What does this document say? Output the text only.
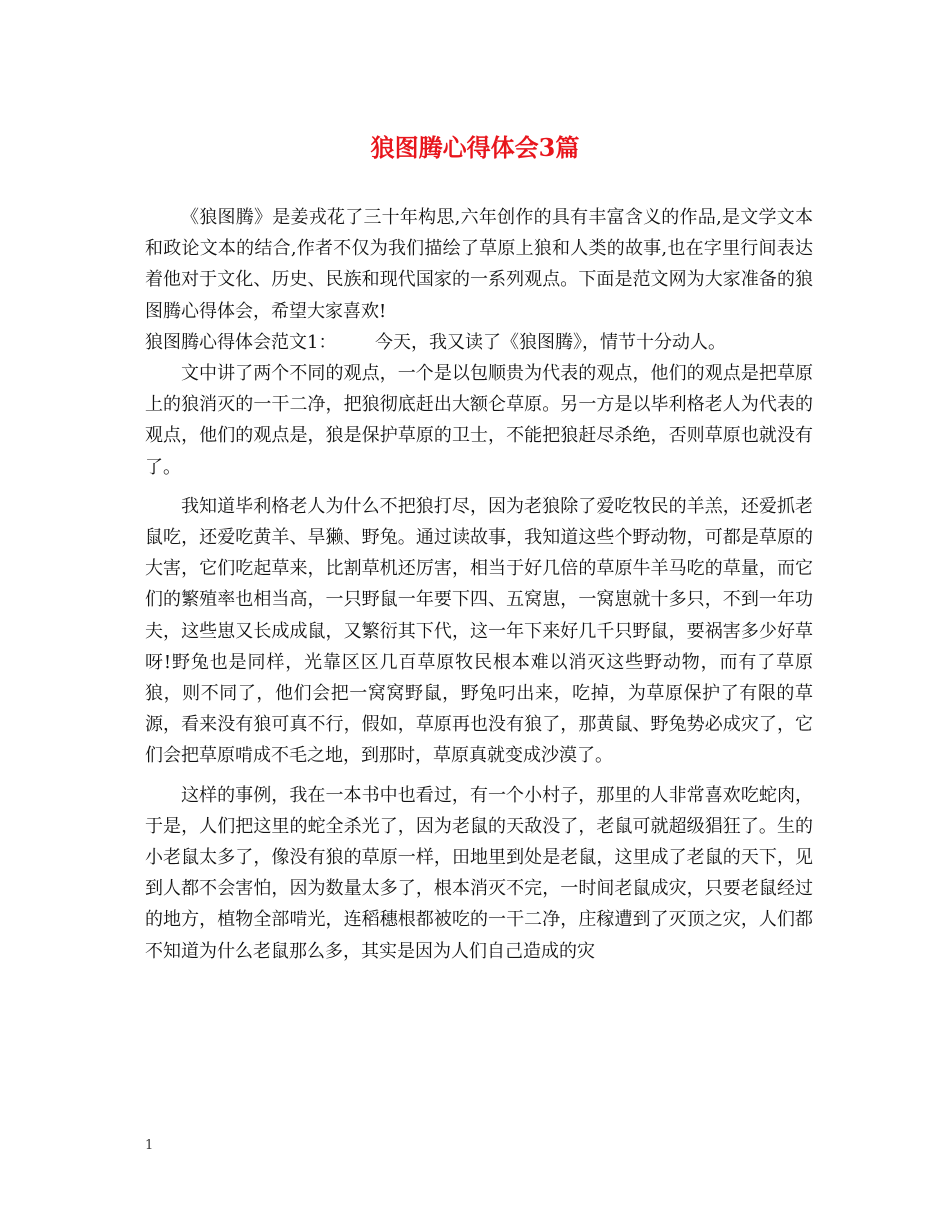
狼图腾心得体会3篇

《狼图腾》是姜戎花了三十年构思,六年创作的具有丰富含义的作品,是文学文本和政论文本的结合,作者不仅为我们描绘了草原上狼和人类的故事,也在字里行间表达着他对于文化、历史、民族和现代国家的一系列观点。下面是范文网为大家准备的狼图腾心得体会，希望大家喜欢!

狼图腾心得体会范文1： 今天，我又读了《狼图腾》，情节十分动人。

文中讲了两个不同的观点，一个是以包顺贵为代表的观点，他们的观点是把草原上的狼消灭的一干二净，把狼彻底赶出大额仑草原。另一方是以毕利格老人为代表的观点，他们的观点是，狼是保护草原的卫士，不能把狼赶尽杀绝，否则草原也就没有了。

我知道毕利格老人为什么不把狼打尽，因为老狼除了爱吃牧民的羊羔，还爱抓老鼠吃，还爱吃黄羊、旱獭、野兔。通过读故事，我知道这些个野动物，可都是草原的大害，它们吃起草来，比割草机还厉害，相当于好几倍的草原牛羊马吃的草量，而它们的繁殖率也相当高，一只野鼠一年要下四、五窝崽，一窝崽就十多只，不到一年功夫，这些崽又长成成鼠，又繁衍其下代，这一年下来好几千只野鼠，要祸害多少好草呀!野兔也是同样，光靠区区几百草原牧民根本难以消灭这些野动物，而有了草原狼，则不同了，他们会把一窝窝野鼠，野兔叼出来，吃掉，为草原保护了有限的草源，看来没有狼可真不行，假如，草原再也没有狼了，那黄鼠、野兔势必成灾了，它们会把草原啃成不毛之地，到那时，草原真就变成沙漠了。

这样的事例，我在一本书中也看过，有一个小村子，那里的人非常喜欢吃蛇肉，于是，人们把这里的蛇全杀光了，因为老鼠的天敌没了，老鼠可就超级猖狂了。生的小老鼠太多了，像没有狼的草原一样，田地里到处是老鼠，这里成了老鼠的天下，见到人都不会害怕，因为数量太多了，根本消灭不完，一时间老鼠成灾，只要老鼠经过的地方，植物全部啃光，连稻穗根都被吃的一干二净，庄稼遭到了灭顶之灾，人们都不知道为什么老鼠那么多，其实是因为人们自己造成的灾

1
